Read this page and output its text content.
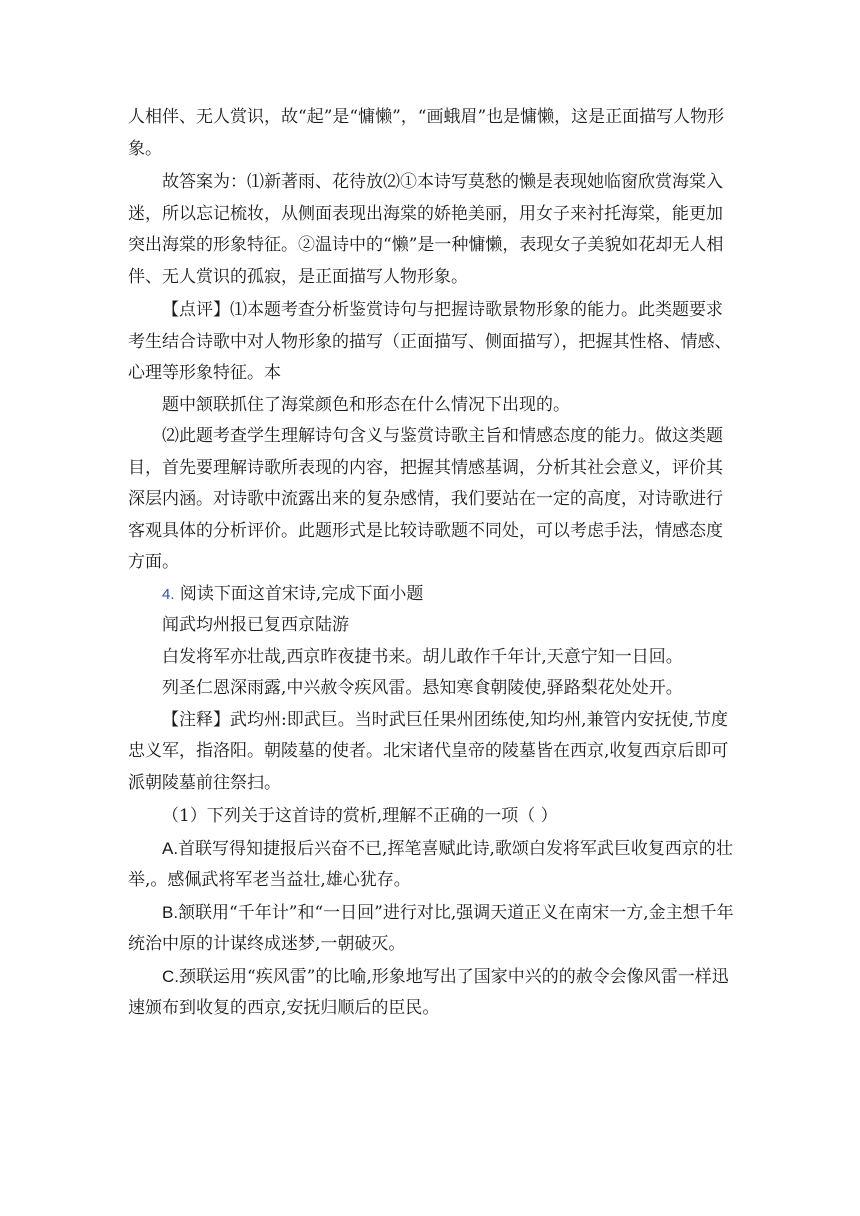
人相伴、无人赏识，故“起”是“慵懒”，“画蛾眉”也是慵懒，这是正面描写人物形象。

故答案为：⑴新著雨、花待放⑵①本诗写莫愁的懒是表现她临窗欣赏海棠入迷，所以忘记梳妆，从侧面表现出海棠的娇艳美丽，用女子来衬托海棠，能更加突出海棠的形象特征。②温诗中的“懒”是一种慵懒，表现女子美貌如花却无人相伴、无人赏识的孤寂，是正面描写人物形象。

【点评】⑴本题考查分析鉴赏诗句与把握诗歌景物形象的能力。此类题要求考生结合诗歌中对人物形象的描写（正面描写、侧面描写），把握其性格、情感、心理等形象特征。本

题中颔联抓住了海棠颜色和形态在什么情况下出现的。

⑵此题考查学生理解诗句含义与鉴赏诗歌主旨和情感态度的能力。做这类题目，首先要理解诗歌所表现的内容，把握其情感基调，分析其社会意义，评价其深层内涵。对诗歌中流露出来的复杂感情，我们要站在一定的高度，对诗歌进行客观具体的分析评价。此题形式是比较诗歌题不同处，可以考虑手法，情感态度方面。

4. 阅读下面这首宋诗,完成下面小题

闻武均州报已复西京陆游

白发将军亦壮哉,西京昨夜捷书来。胡儿敢作千年计,天意宁知一日回。

列圣仁恩深雨露,中兴赦令疾风雷。悬知寒食朝陵使,驿路梨花处处开。

【注释】武均州:即武巨。当时武巨任果州团练使,知均州,兼管内安抚使,节度忠义军，指洛阳。朝陵墓的使者。北宋诸代皇帝的陵墓皆在西京,收复西京后即可派朝陵墓前往祭扫。

（1）下列关于这首诗的赏析,理解不正确的一项（ ）

A.首联写得知捷报后兴奋不已,挥笔喜赋此诗,歌颂白发将军武巨收复西京的壮举,。感佩武将军老当益壮,雄心犹存。

B.颔联用“千年计”和“一日回”进行对比,强调天道正义在南宋一方,金主想千年统治中原的计谋终成迷梦,一朝破灭。

C.颈联运用“疾风雷”的比喻,形象地写出了国家中兴的的赦令会像风雷一样迅速颁布到收复的西京,安抚归顺后的臣民。
